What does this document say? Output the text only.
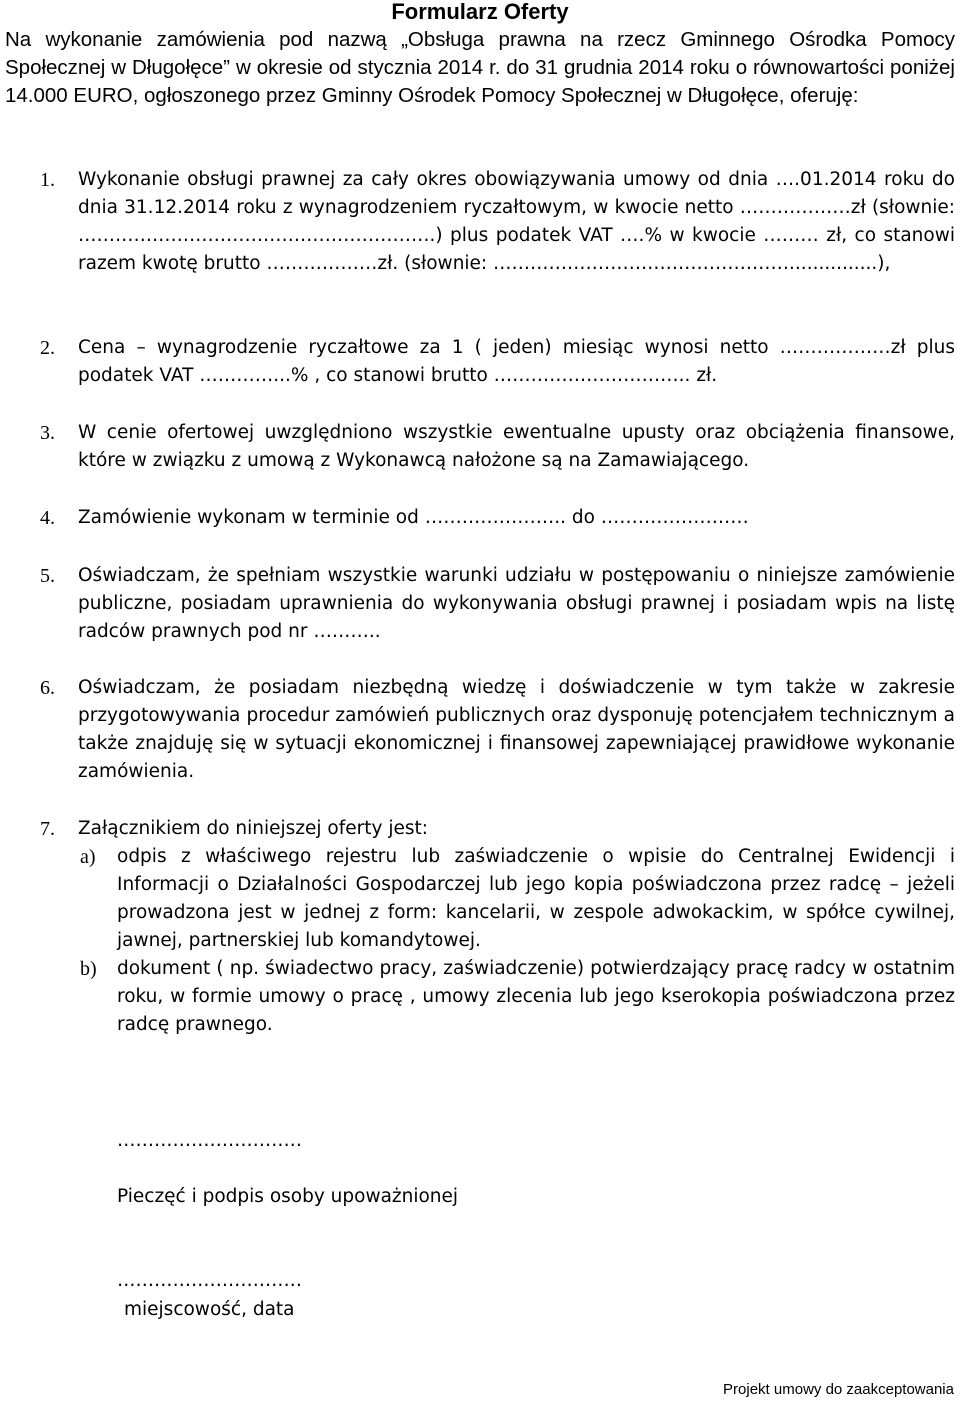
Formularz Oferty
Na wykonanie zamówienia pod nazwą „Obsługa prawna na rzecz Gminnego Ośrodka Pomocy Społecznej w Długołęce” w okresie od stycznia 2014 r. do 31 grudnia 2014 roku o równowartości poniżej 14.000 EURO, ogłoszonego przez Gminny Ośrodek Pomocy Społecznej w Długołęce, oferuję:
1.	Wykonanie obsługi prawnej za cały okres obowiązywania umowy od dnia ….01.2014 roku do dnia 31.12.2014 roku z wynagrodzeniem ryczałtowym, w kwocie netto ………………zł (słownie: ………………………………………………….) plus podatek VAT ….% w kwocie ……… zł, co stanowi razem kwotę brutto ………………zł. (słownie: …………………………………………...............),
2.	Cena – wynagrodzenie ryczałtowe za 1 ( jeden) miesiąc wynosi netto ………………zł plus podatek VAT …………...% , co stanowi brutto ………………………….. zł.
3.	W cenie ofertowej uwzględniono wszystkie ewentualne upusty oraz obciążenia finansowe, które w związku z umową z Wykonawcą nałożone są na Zamawiającego.
4.	Zamówienie wykonam w terminie od ………………….. do ……………………
5.	Oświadczam, że spełniam wszystkie warunki udziału w postępowaniu o niniejsze zamówienie publiczne, posiadam uprawnienia do wykonywania obsługi prawnej i posiadam wpis na listę radców prawnych pod nr ………..
6.	Oświadczam, że posiadam niezbędną wiedzę i doświadczenie w tym także w zakresie przygotowywania procedur zamówień publicznych oraz dysponuję potencjałem technicznym a także znajduję się w sytuacji ekonomicznej i finansowej zapewniającej prawidłowe wykonanie zamówienia.
7.	Załącznikiem do niniejszej oferty jest:
a) odpis z właściwego rejestru lub zaświadczenie o wpisie do Centralnej Ewidencji i Informacji o Działalności Gospodarczej lub jego kopia poświadczona przez radcę – jeżeli prowadzona jest w jednej z form: kancelarii, w zespole adwokackim, w spółce cywilnej, jawnej, partnerskiej lub komandytowej.
b) dokument ( np. świadectwo pracy, zaświadczenie) potwierdzający pracę radcy w ostatnim roku, w formie umowy o pracę , umowy zlecenia lub jego kserokopia poświadczona przez radcę prawnego.
…………………………
Pieczęć i podpis osoby upoważnionej
…………………………
miejscowość, data
Projekt umowy do zaakceptowania
